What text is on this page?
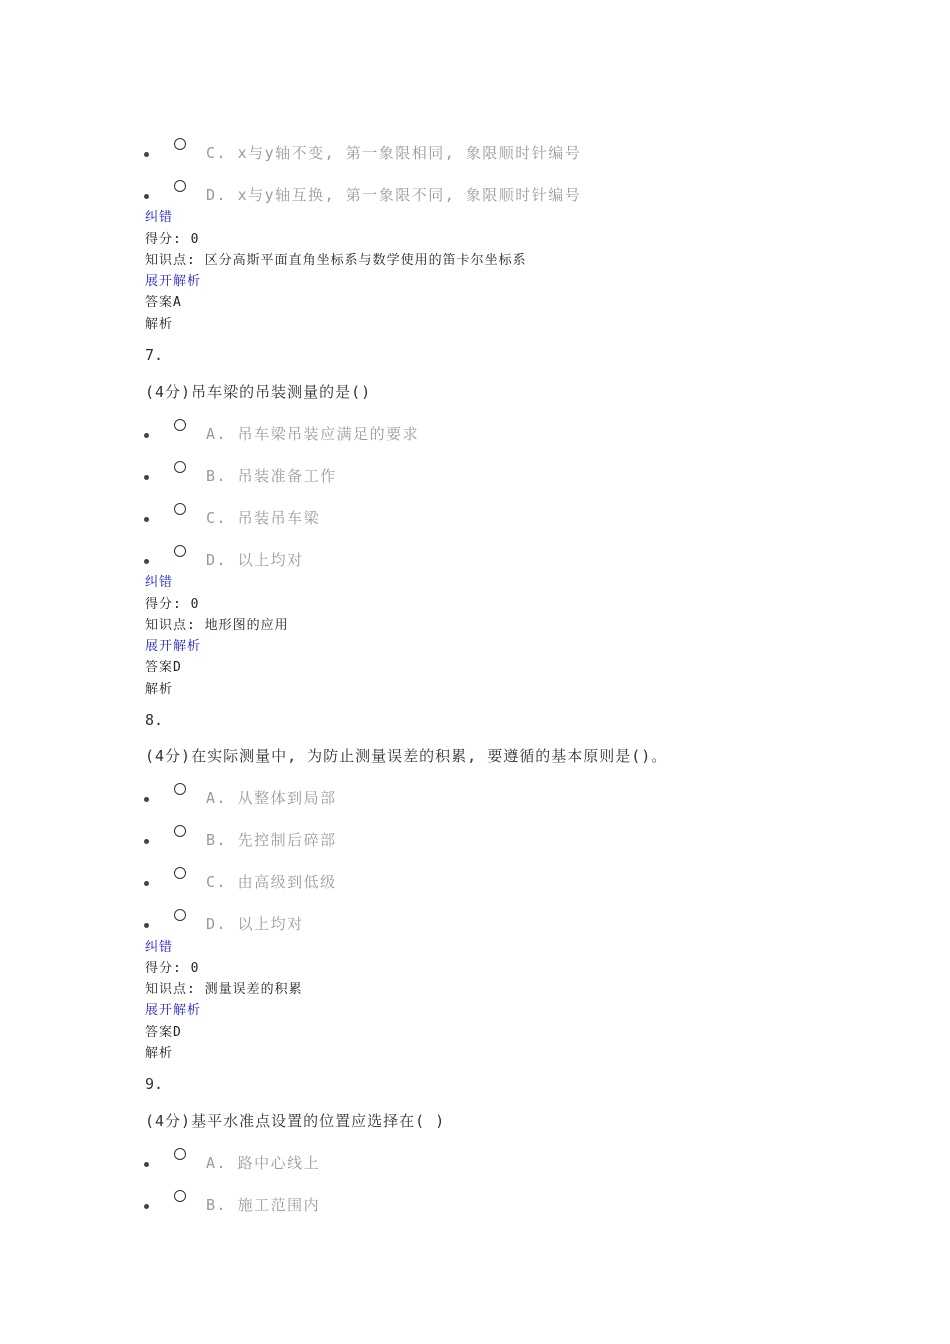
C. x与y轴不变, 第一象限相同, 象限顺时针编号
D. x与y轴互换, 第一象限不同, 象限顺时针编号
纠错
得分: 0
知识点: 区分高斯平面直角坐标系与数学使用的笛卡尔坐标系
展开解析
答案A
解析
7.
(4分)吊车梁的吊装测量的是()
A. 吊车梁吊装应满足的要求
B. 吊装准备工作
C. 吊装吊车梁
D. 以上均对
纠错
得分: 0
知识点: 地形图的应用
展开解析
答案D
解析
8.
(4分)在实际测量中, 为防止测量误差的积累, 要遵循的基本原则是()。
A. 从整体到局部
B. 先控制后碎部
C. 由高级到低级
D. 以上均对
纠错
得分: 0
知识点: 测量误差的积累
展开解析
答案D
解析
9.
(4分)基平水准点设置的位置应选择在( )
A. 路中心线上
B. 施工范围内
